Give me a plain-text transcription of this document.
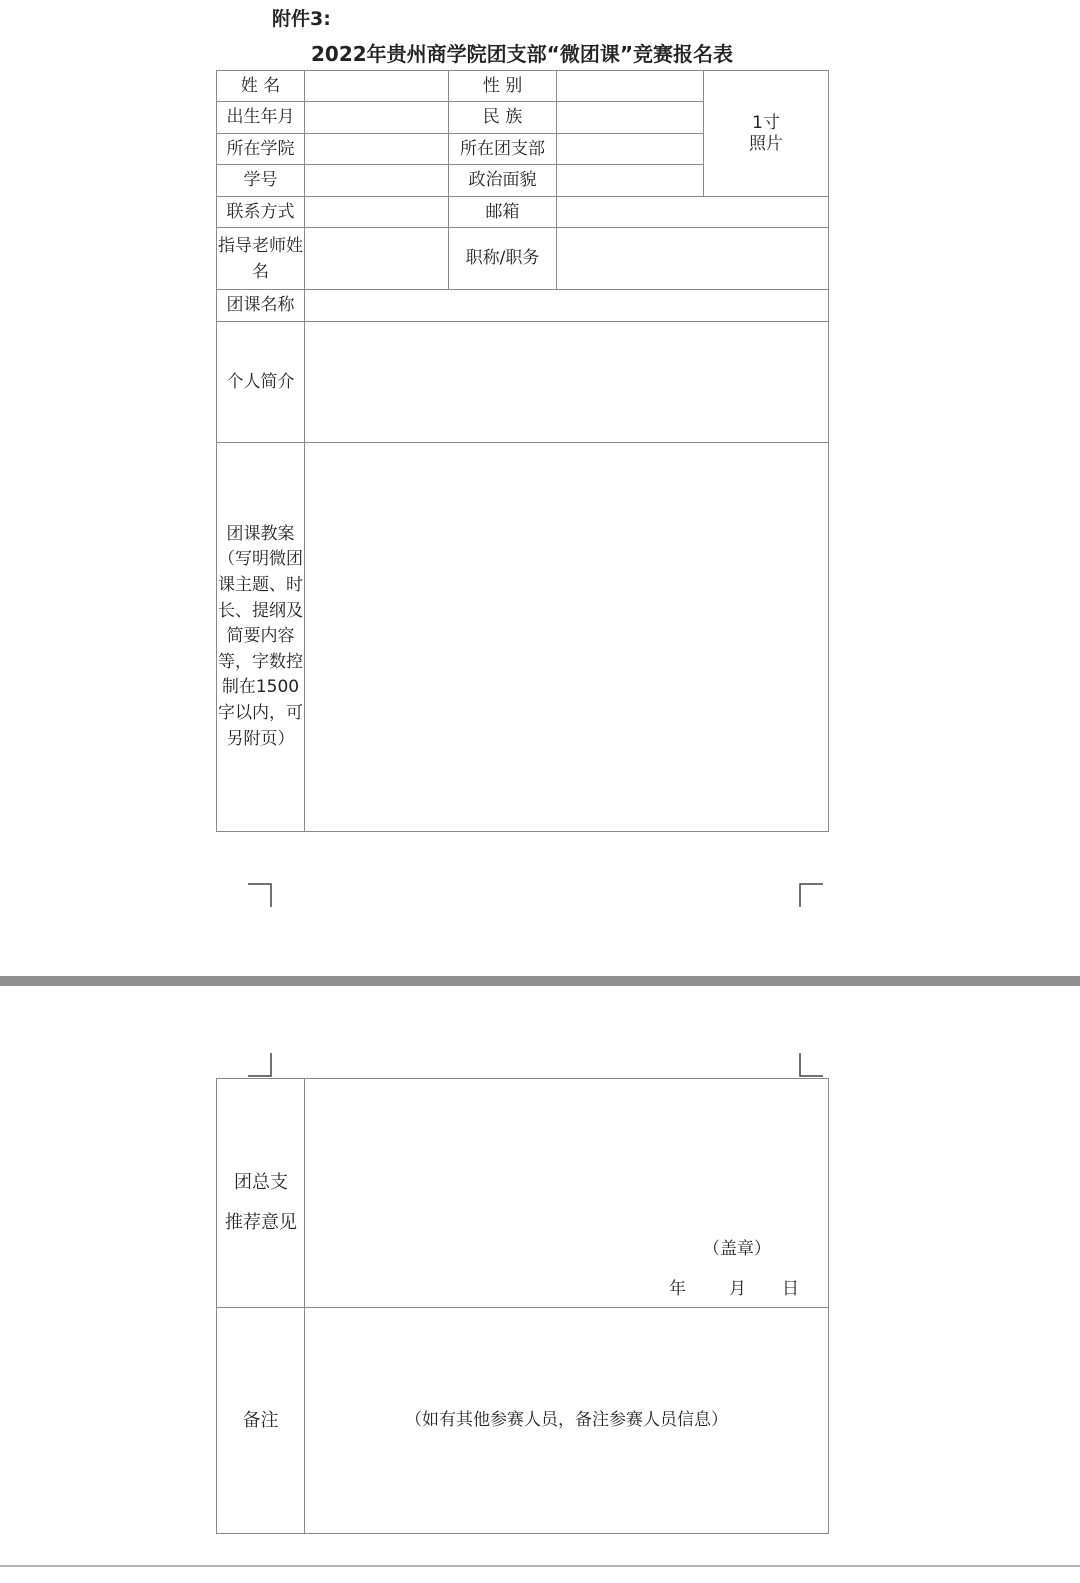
附件3:
2022年贵州商学院团支部“微团课”竞赛报名表
姓 名		性 别		1寸
照片
出生年月		民 族		
所在学院		所在团支部		
学号		政治面貌		
联系方式		邮箱		

指导老师姓名		职称/职务		
团课名称				
个人简介				

团课教案
（写明微团课主题、时长、提纲及简要内容等，字数控制在1500字以内，可另附页）				

团总支
推荐意见	（盖章）
年 月 日

备注	（如有其他参赛人员，备注参赛人员信息）
